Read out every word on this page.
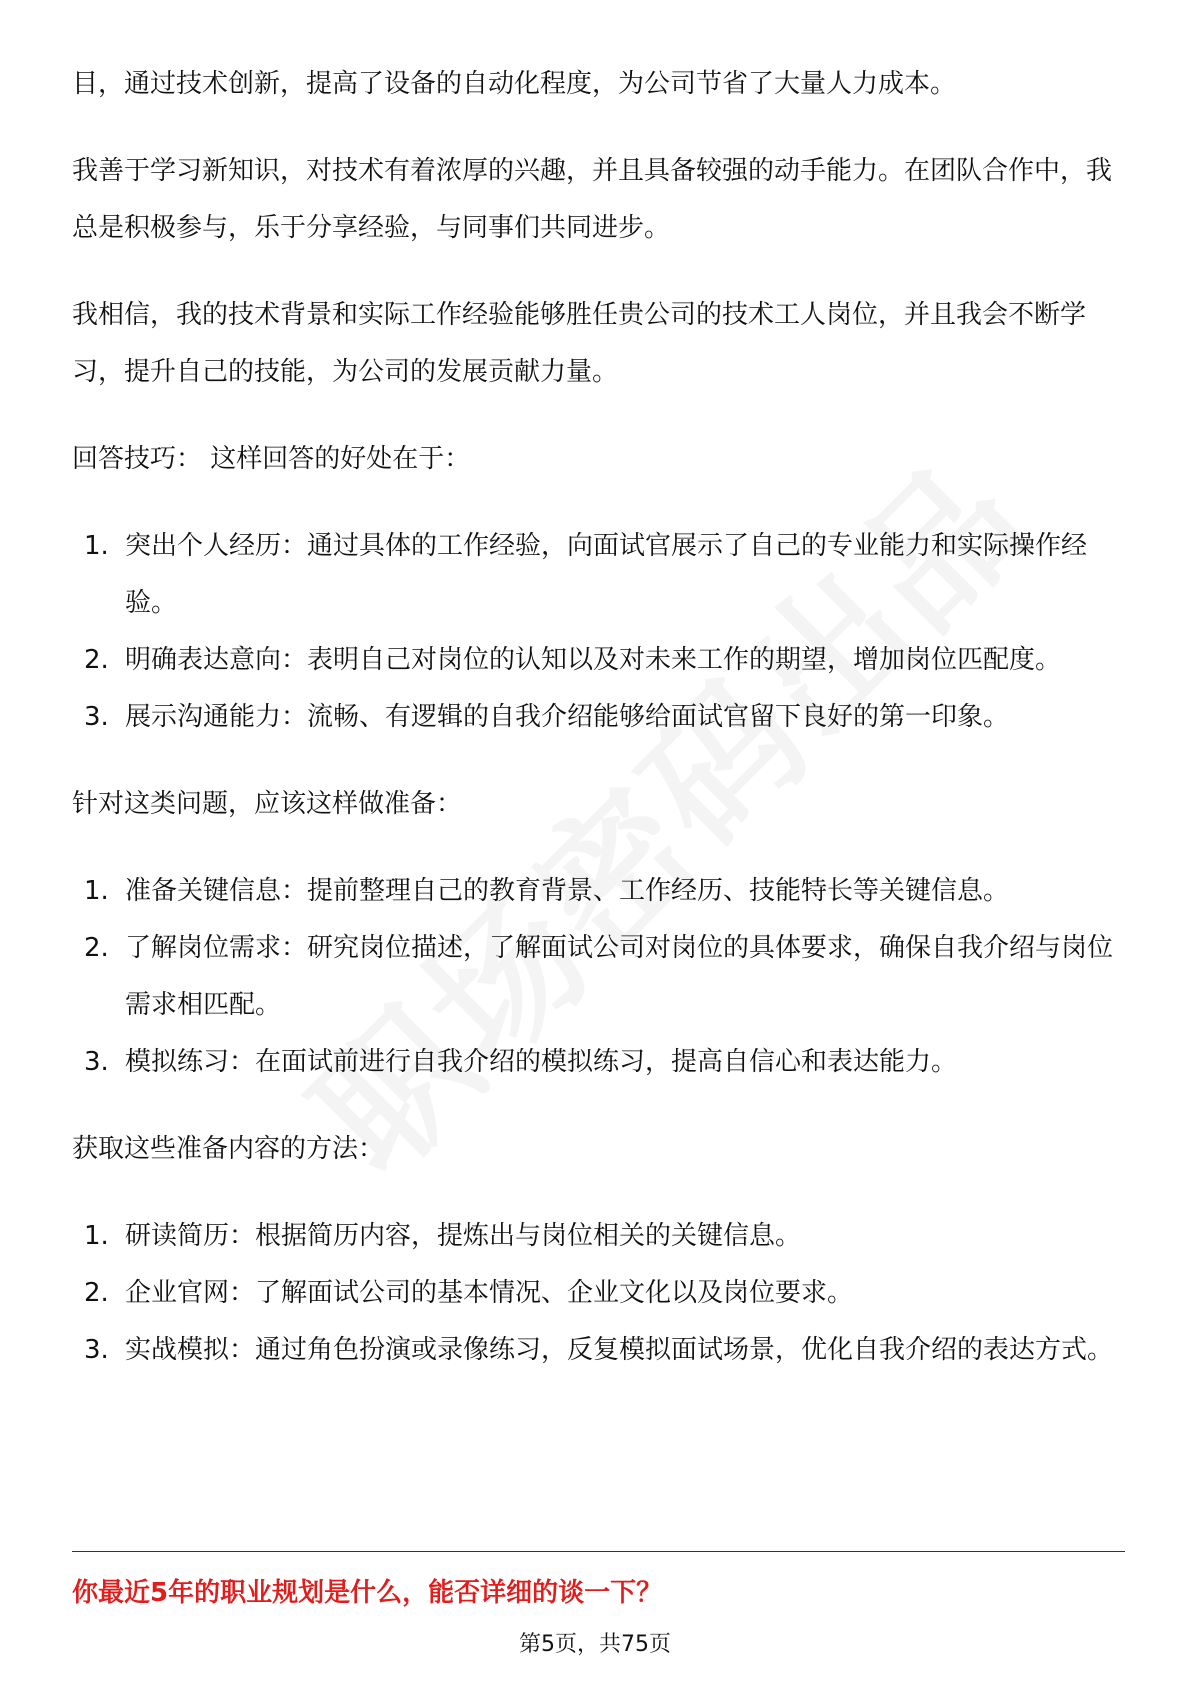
目，通过技术创新，提高了设备的自动化程度，为公司节省了大量人力成本。

我善于学习新知识，对技术有着浓厚的兴趣，并且具备较强的动手能力。在团队合作中，我总是积极参与，乐于分享经验，与同事们共同进步。

我相信，我的技术背景和实际工作经验能够胜任贵公司的技术工人岗位，并且我会不断学习，提升自己的技能，为公司的发展贡献力量。

回答技巧： 这样回答的好处在于：

1. 突出个人经历：通过具体的工作经验，向面试官展示了自己的专业能力和实际操作经验。
2. 明确表达意向：表明自己对岗位的认知以及对未来工作的期望，增加岗位匹配度。
3. 展示沟通能力：流畅、有逻辑的自我介绍能够给面试官留下良好的第一印象。

针对这类问题，应该这样做准备：

1. 准备关键信息：提前整理自己的教育背景、工作经历、技能特长等关键信息。
2. 了解岗位需求：研究岗位描述，了解面试公司对岗位的具体要求，确保自我介绍与岗位需求相匹配。
3. 模拟练习：在面试前进行自我介绍的模拟练习，提高自信心和表达能力。

获取这些准备内容的方法：

1. 研读简历：根据简历内容，提炼出与岗位相关的关键信息。
2. 企业官网：了解面试公司的基本情况、企业文化以及岗位要求。
3. 实战模拟：通过角色扮演或录像练习，反复模拟面试场景，优化自我介绍的表达方式。
你最近5年的职业规划是什么，能否详细的谈一下？
第5页，共75页
